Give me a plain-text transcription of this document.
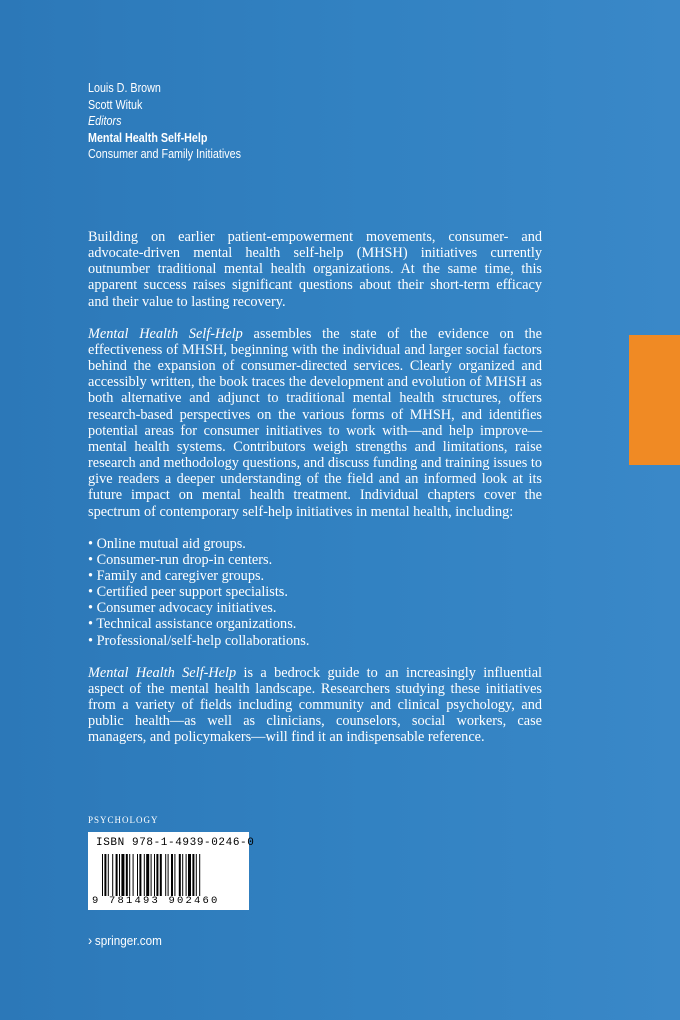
Louis D. Brown
Scott Wituk
Editors
Mental Health Self-Help
Consumer and Family Initiatives

Building on earlier patient-empowerment movements, consumer- and advocate-driven mental health self-help (MHSH) initiatives currently outnumber traditional mental health organizations. At the same time, this apparent success raises significant questions about their short-term efficacy and their value to lasting recovery.

Mental Health Self-Help assembles the state of the evidence on the effectiveness of MHSH, beginning with the individual and larger social factors behind the expansion of consumer-directed services. Clearly organized and accessibly written, the book traces the development and evolution of MHSH as both alternative and adjunct to traditional mental health structures, offers research-based perspectives on the various forms of MHSH, and identifies potential areas for consumer initiatives to work with—and help improve—mental health systems. Contributors weigh strengths and limitations, raise research and methodology questions, and discuss funding and training issues to give readers a deeper understanding of the field and an informed look at its future impact on mental health treatment. Individual chapters cover the spectrum of contemporary self-help initiatives in mental health, including:

• Online mutual aid groups.
• Consumer-run drop-in centers.
• Family and caregiver groups.
• Certified peer support specialists.
• Consumer advocacy initiatives.
• Technical assistance organizations.
• Professional/self-help collaborations.

Mental Health Self-Help is a bedrock guide to an increasingly influential aspect of the mental health landscape. Researchers studying these initiatives from a variety of fields including community and clinical psychology, and public health—as well as clinicians, counselors, social workers, case managers, and policymakers—will find it an indispensable reference.

PSYCHOLOGY
ISBN 978-1-4939-0246-0
9 781493 902460
› springer.com
